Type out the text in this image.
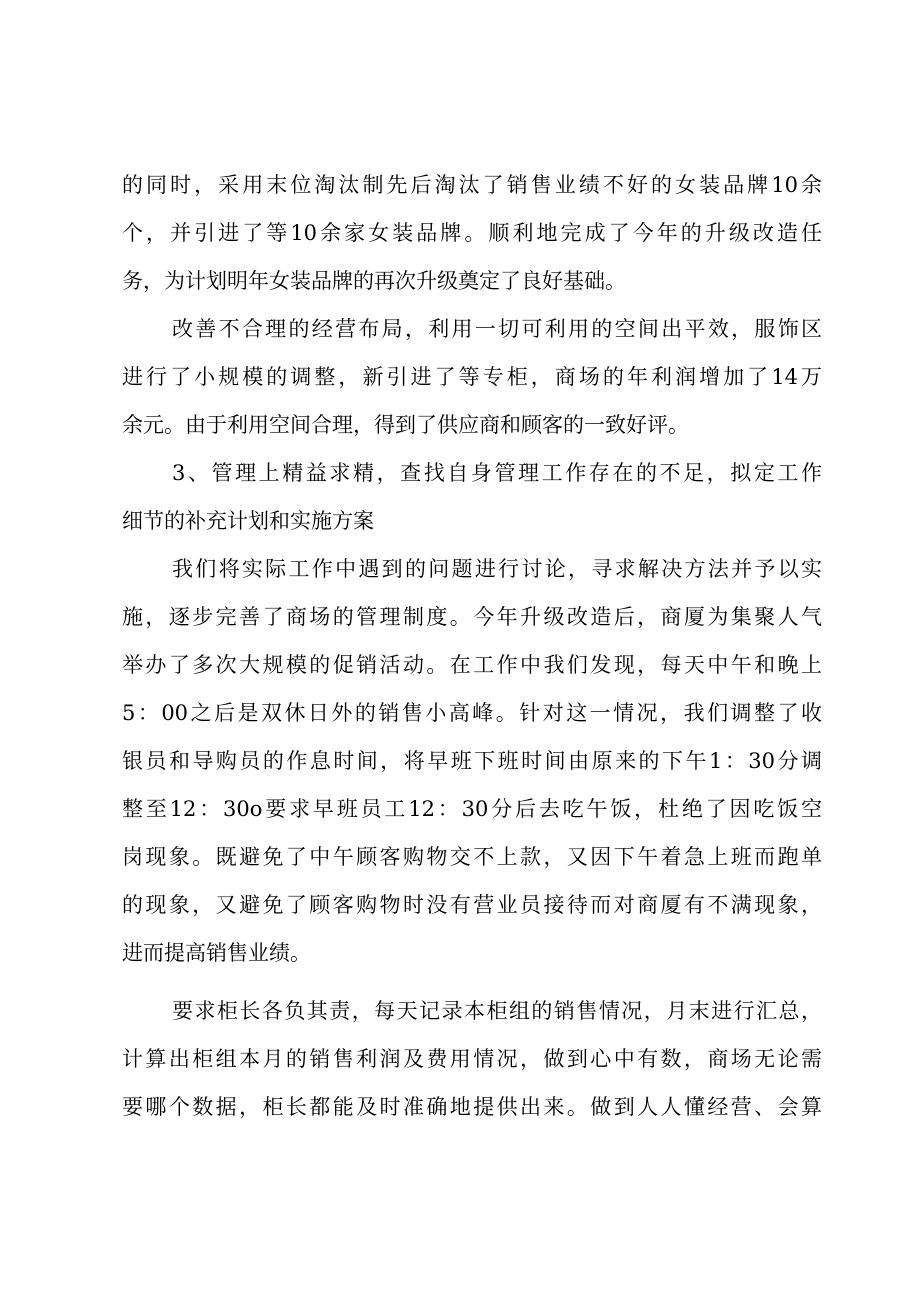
的同时，采用末位淘汰制先后淘汰了销售业绩不好的女装品牌10余
个，并引进了等10余家女装品牌。顺利地完成了今年的升级改造任
务，为计划明年女装品牌的再次升级奠定了良好基础。
改善不合理的经营布局，利用一切可利用的空间出平效，服饰区
进行了小规模的调整，新引进了等专柜，商场的年利润增加了14万
余元。由于利用空间合理，得到了供应商和顾客的一致好评。
3、管理上精益求精，查找自身管理工作存在的不足，拟定工作
细节的补充计划和实施方案
我们将实际工作中遇到的问题进行讨论，寻求解决方法并予以实
施，逐步完善了商场的管理制度。今年升级改造后，商厦为集聚人气
举办了多次大规模的促销活动。在工作中我们发现，每天中午和晚上
5：00之后是双休日外的销售小高峰。针对这一情况，我们调整了收
银员和导购员的作息时间，将早班下班时间由原来的下午1：30分调
整至12：30o要求早班员工12：30分后去吃午饭，杜绝了因吃饭空
岗现象。既避免了中午顾客购物交不上款，又因下午着急上班而跑单
的现象，又避免了顾客购物时没有营业员接待而对商厦有不满现象，
进而提高销售业绩。
要求柜长各负其责，每天记录本柜组的销售情况，月末进行汇总，
计算出柜组本月的销售利润及费用情况，做到心中有数，商场无论需
要哪个数据，柜长都能及时准确地提供出来。做到人人懂经营、会算
